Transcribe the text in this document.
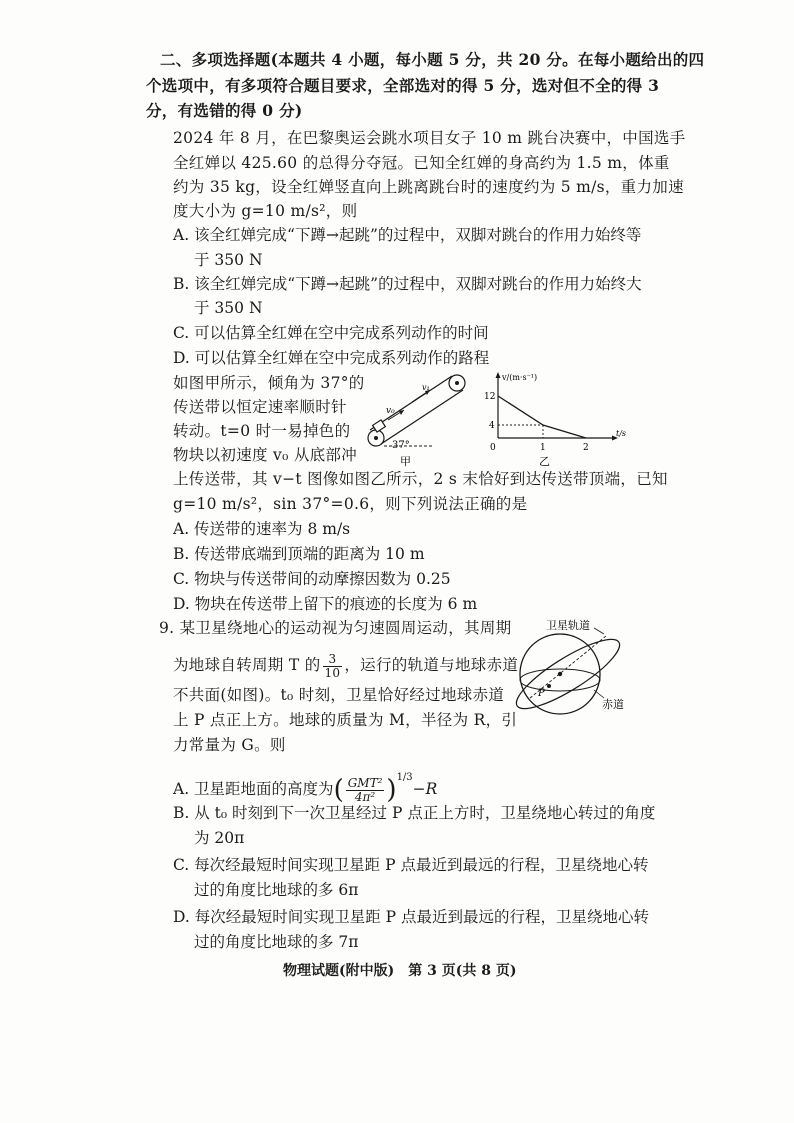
二、多项选择题(本题共 4 小题，每小题 5 分，共 20 分。在每小题给出的四
个选项中，有多项符合题目要求，全部选对的得 5 分，选对但不全的得 3
分，有选错的得 0 分)
2024 年 8 月，在巴黎奥运会跳水项目女子 10 m 跳台决赛中，中国选手
全红婵以 425.60 的总得分夺冠。已知全红婵的身高约为 1.5 m，体重
约为 35 kg，设全红婵竖直向上跳离跳台时的速度约为 5 m/s，重力加速
度大小为 g=10 m/s²，则
A. 该全红婵完成“下蹲→起跳”的过程中，双脚对跳台的作用力始终等
于 350 N
B. 该全红婵完成“下蹲→起跳”的过程中，双脚对跳台的作用力始终大
于 350 N
C. 可以估算全红婵在空中完成系列动作的时间
D. 可以估算全红婵在空中完成系列动作的路程
如图甲所示，倾角为 37°的
传送带以恒定速率顺时针
转动。t=0 时一易掉色的
物块以初速度 v₀ 从底部冲
v₀
v₁
37°
甲
v/(m·s⁻¹)
t/s
12
4
0	1	2
乙
上传送带，其 v−t 图像如图乙所示，2 s 末恰好到达传送带顶端，已知
g=10 m/s²，sin 37°=0.6，则下列说法正确的是
A. 传送带的速率为 8 m/s
B. 传送带底端到顶端的距离为 10 m
C. 物块与传送带间的动摩擦因数为 0.25
D. 物块在传送带上留下的痕迹的长度为 6 m
9. 某卫星绕地心的运动视为匀速圆周运动，其周期
为地球自转周期 T 的 $\frac{3}{10}$ ，运行的轨道与地球赤道
不共面(如图)。t₀ 时刻，卫星恰好经过地球赤道
上 P 点正上方。地球的质量为 M，半径为 R，引
力常量为 G。则
P
卫星轨道
赤道
A. 卫星距地面的高度为( $\frac{\text{GMT²}}{\text{4π²}} )^{1/3}-R$
B. 从 t₀ 时刻到下一次卫星经过 P 点正上方时，卫星绕地心转过的角度
为 20π
C. 每次经最短时间实现卫星距 P 点最近到最远的行程，卫星绕地心转
过的角度比地球的多 6π
D. 每次经最短时间实现卫星距 P 点最近到最远的行程，卫星绕地心转
过的角度比地球的多 7π
物理试题(附中版)　第 3 页(共 8 页)
